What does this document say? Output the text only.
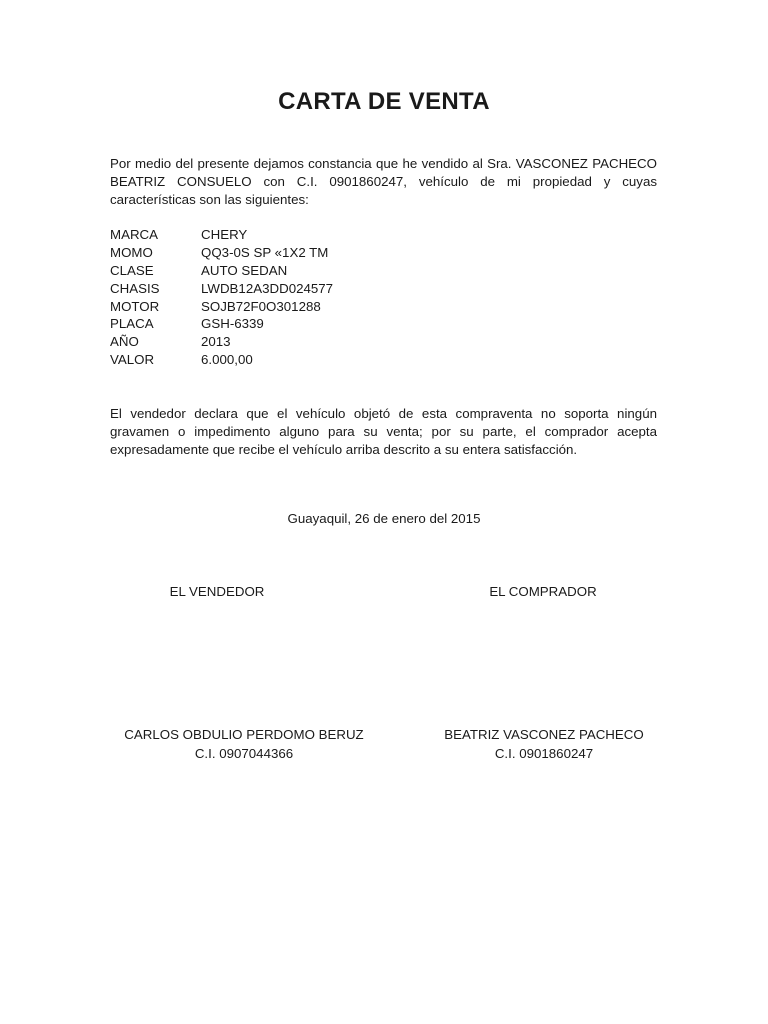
CARTA DE VENTA
Por medio del presente dejamos constancia que he vendido al Sra. VASCONEZ PACHECO BEATRIZ CONSUELO con C.I. 0901860247, vehículo de mi propiedad y cuyas características son las siguientes:
MARCA	CHERY
MOMO	QQ3-0S SP «1X2 TM
CLASE	AUTO SEDAN
CHASIS	LWDB12A3DD024577
MOTOR	SOJB72F0O301288
PLACA	GSH-6339
AÑO	2013
VALOR	6.000,00
El vendedor declara que el vehículo objetó de esta compraventa no soporta ningún gravamen o impedimento alguno para su venta; por su parte, el comprador acepta expresadamente que recibe el vehículo arriba descrito a su entera satisfacción.
Guayaquil, 26 de enero del 2015
EL VENDEDOR	EL COMPRADOR
CARLOS OBDULIO PERDOMO BERUZ
C.I. 0907044366
BEATRIZ VASCONEZ PACHECO
C.I. 0901860247
